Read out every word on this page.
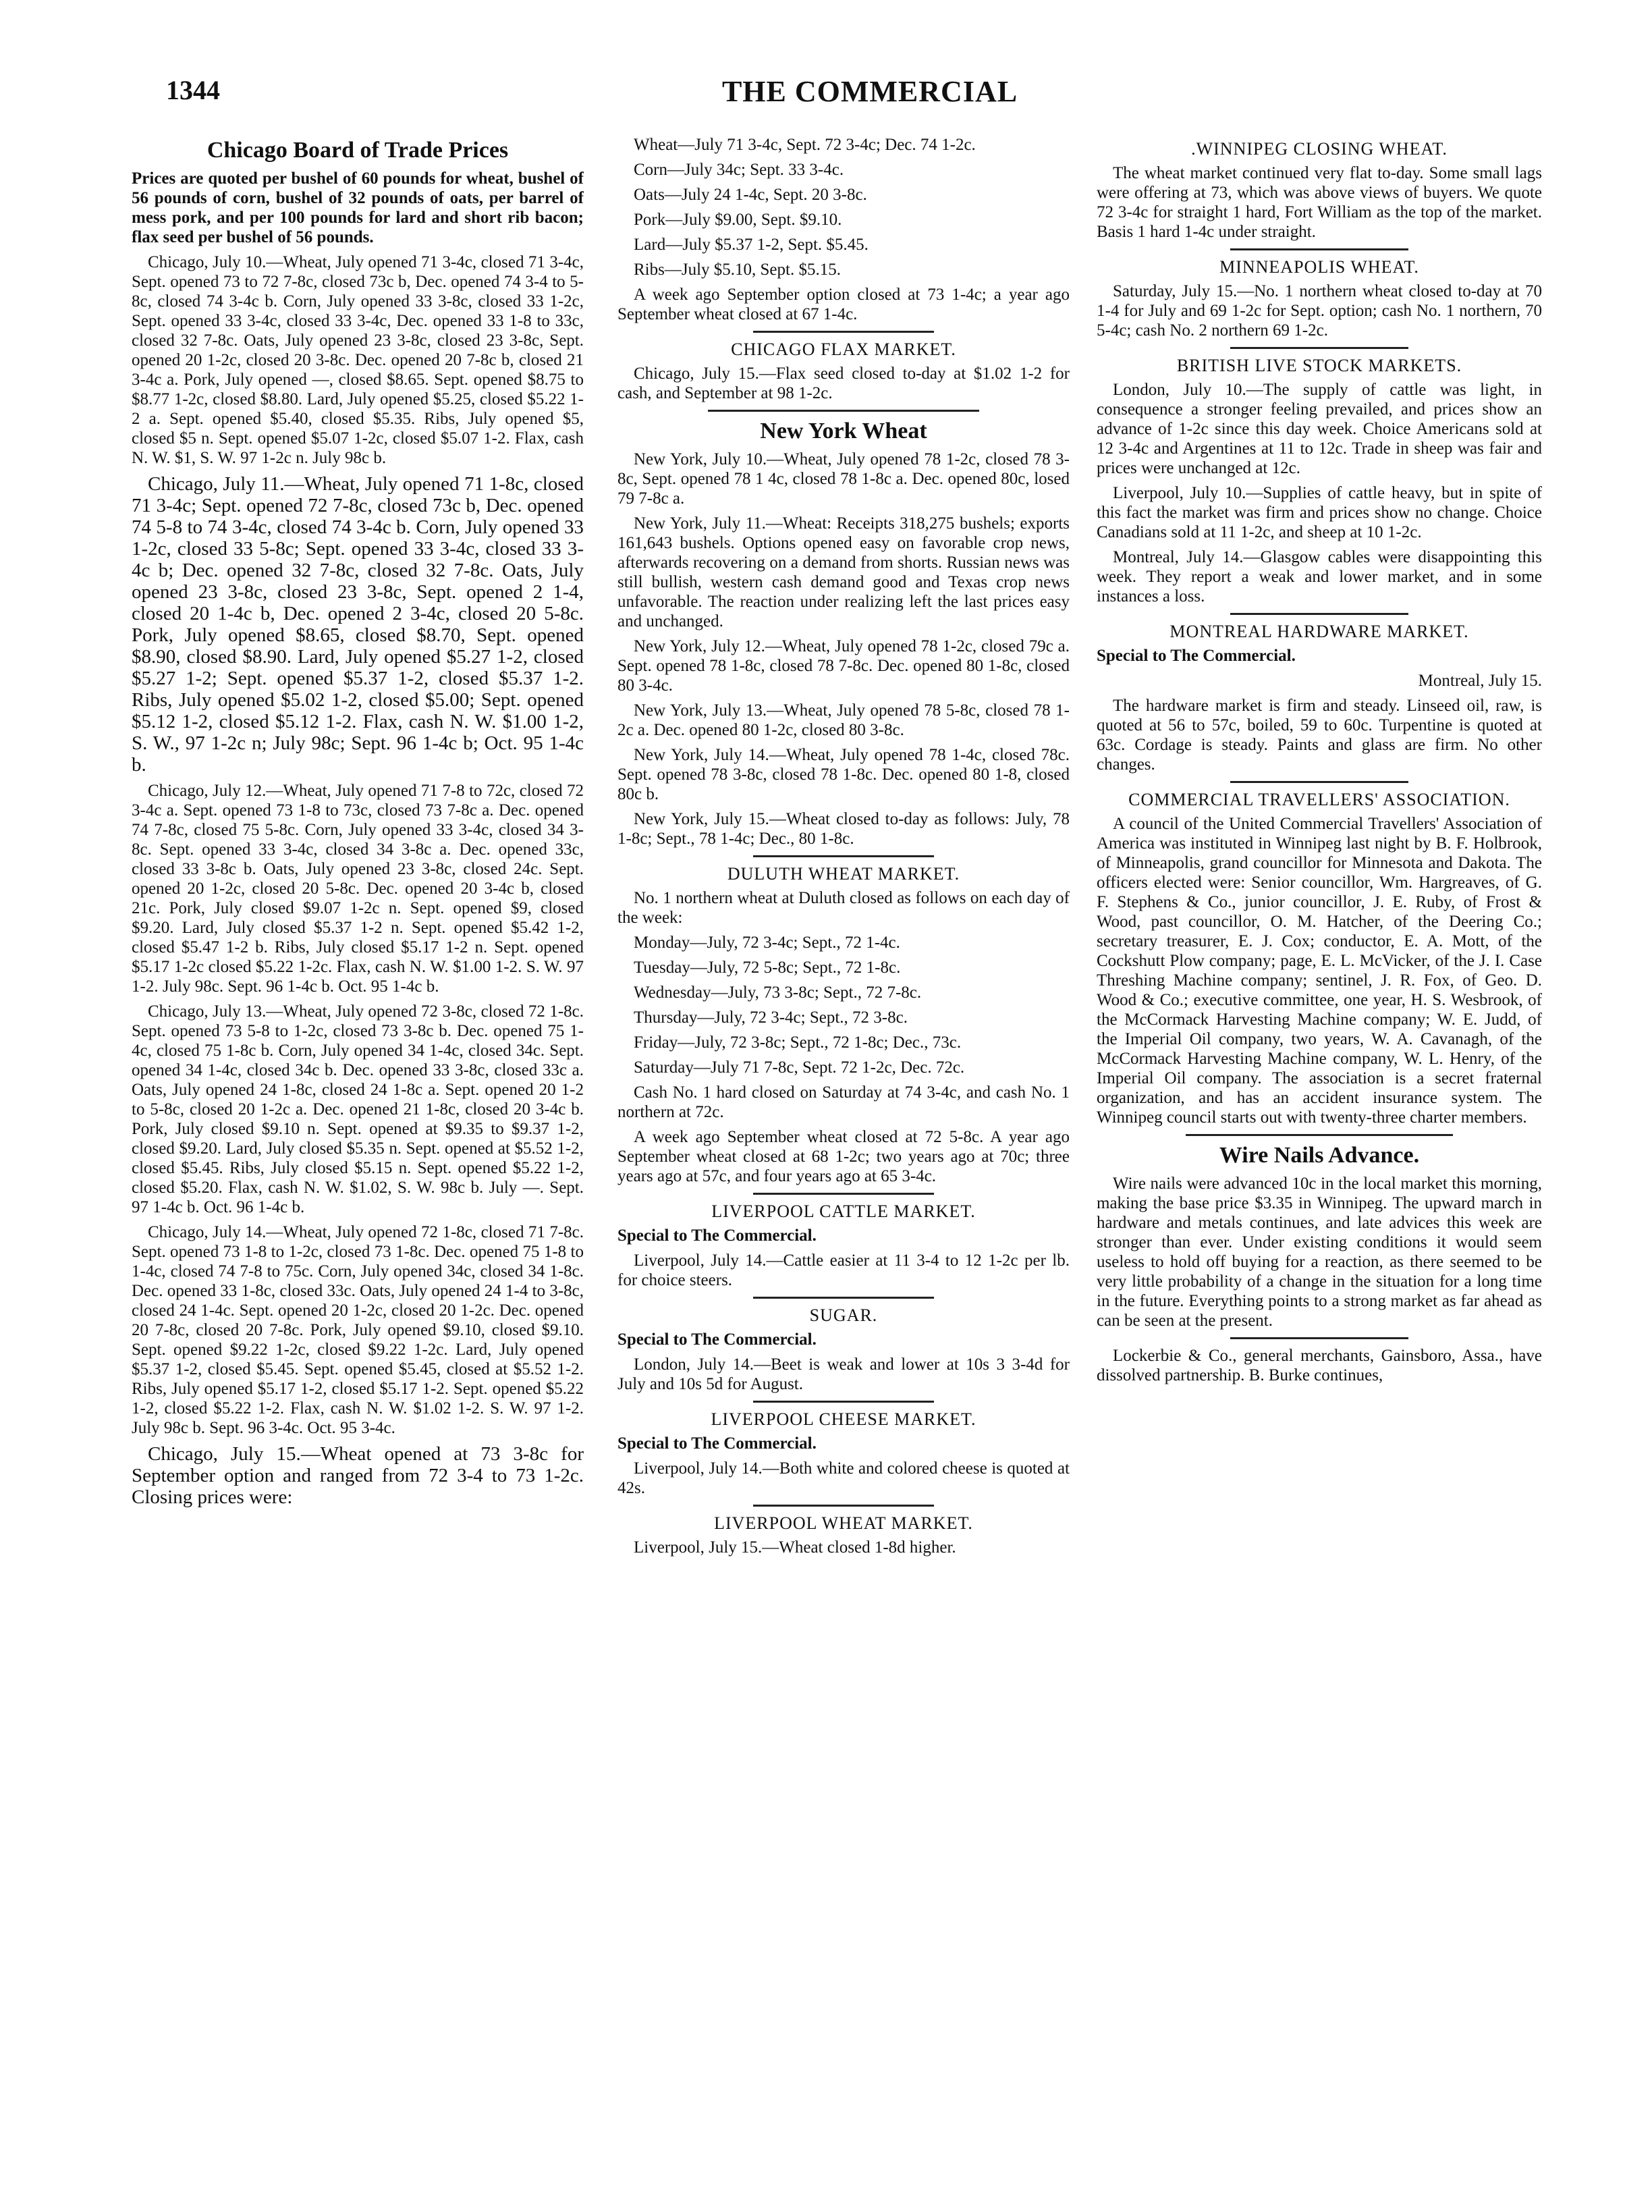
1344	THE COMMERCIAL
Chicago Board of Trade Prices

Prices are quoted per bushel of 60 pounds for wheat, bushel of 56 pounds of corn, bushel of 32 pounds of oats, per barrel of mess pork, and per 100 pounds for lard and short rib bacon; flax seed per bushel of 56 pounds.

Chicago, July 10.—Wheat, July opened 71 3-4c, closed 71 3-4c, Sept. opened 73 to 72 7-8c, closed 73c b, Dec. opened 74 3-4 to 5-8c, closed 74 3-4c b. Corn, July opened 33 3-8c, closed 33 1-2c, Sept. opened 33 3-4c, closed 33 3-4c, Dec. opened 33 1-8 to 33c, closed 32 7-8c. Oats, July opened 23 3-8c, closed 23 3-8c, Sept. opened 20 1-2c, closed 20 3-8c. Dec. opened 20 7-8c b, closed 21 3-4c a. Pork, July opened —, closed $8.65. Sept. opened $8.75 to $8.77 1-2c, closed $8.80. Lard, July opened $5.25, closed $5.22 1-2 a. Sept. opened $5.40, closed $5.35. Ribs, July opened $5, closed $5 n. Sept. opened $5.07 1-2c, closed $5.07 1-2. Flax, cash N. W. $1, S. W. 97 1-2c n. July 98c b.

Chicago, July 11.—Wheat, July opened 71 1-8c, closed 71 3-4c; Sept. opened 72 7-8c, closed 73c b, Dec. opened 74 5-8 to 74 3-4c, closed 74 3-4c b. Corn, July opened 33 1-2c, closed 33 5-8c; Sept. opened 33 3-4c, closed 33 3-4c b; Dec. opened 32 7-8c, closed 32 7-8c. Oats, July opened 23 3-8c, closed 23 3-8c, Sept. opened 2 1-4, closed 20 1-4c b, Dec. opened 2 3-4c, closed 20 5-8c. Pork, July opened $8.65, closed $8.70, Sept. opened $8.90, closed $8.90. Lard, July opened $5.27 1-2, closed $5.27 1-2; Sept. opened $5.37 1-2, closed $5.37 1-2. Ribs, July opened $5.02 1-2, closed $5.00; Sept. opened $5.12 1-2, closed $5.12 1-2. Flax, cash N. W. $1.00 1-2, S. W., 97 1-2c n; July 98c; Sept. 96 1-4c b; Oct. 95 1-4c b.

Chicago, July 12.—Wheat, July opened 71 7-8 to 72c, closed 72 3-4c a. Sept. opened 73 1-8 to 73c, closed 73 7-8c a. Dec. opened 74 7-8c, closed 75 5-8c. Corn, July opened 33 3-4c, closed 34 3-8c. Sept. opened 33 3-4c, closed 34 3-8c a. Dec. opened 33c, closed 33 3-8c b. Oats, July opened 23 3-8c, closed 24c. Sept. opened 20 1-2c, closed 20 5-8c. Dec. opened 20 3-4c b, closed 21c. Pork, July closed $9.07 1-2c n. Sept. opened $9, closed $9.20. Lard, July closed $5.37 1-2 n. Sept. opened $5.42 1-2, closed $5.47 1-2 b. Ribs, July closed $5.17 1-2 n. Sept. opened $5.17 1-2c closed $5.22 1-2c. Flax, cash N. W. $1.00 1-2. S. W. 97 1-2. July 98c. Sept. 96 1-4c b. Oct. 95 1-4c b.

Chicago, July 13.—Wheat, July opened 72 3-8c, closed 72 1-8c. Sept. opened 73 5-8 to 1-2c, closed 73 3-8c b. Dec. opened 75 1-4c, closed 75 1-8c b. Corn, July opened 34 1-4c, closed 34c. Sept. opened 34 1-4c, closed 34c b. Dec. opened 33 3-8c, closed 33c a. Oats, July opened 24 1-8c, closed 24 1-8c a. Sept. opened 20 1-2 to 5-8c, closed 20 1-2c a. Dec. opened 21 1-8c, closed 20 3-4c b. Pork, July closed $9.10 n. Sept. opened at $9.35 to $9.37 1-2, closed $9.20. Lard, July closed $5.35 n. Sept. opened at $5.52 1-2, closed $5.45. Ribs, July closed $5.15 n. Sept. opened $5.22 1-2, closed $5.20. Flax, cash N. W. $1.02, S. W. 98c b. July —. Sept. 97 1-4c b. Oct. 96 1-4c b.

Chicago, July 14.—Wheat, July opened 72 1-8c, closed 71 7-8c. Sept. opened 73 1-8 to 1-2c, closed 73 1-8c. Dec. opened 75 1-8 to 1-4c, closed 74 7-8 to 75c. Corn, July opened 34c, closed 34 1-8c. Dec. opened 33 1-8c, closed 33c. Oats, July opened 24 1-4 to 3-8c, closed 24 1-4c. Sept. opened 20 1-2c, closed 20 1-2c. Dec. opened 20 7-8c, closed 20 7-8c. Pork, July opened $9.10, closed $9.10. Sept. opened $9.22 1-2c, closed $9.22 1-2c. Lard, July opened $5.37 1-2, closed $5.45. Sept. opened $5.45, closed at $5.52 1-2. Ribs, July opened $5.17 1-2, closed $5.17 1-2. Sept. opened $5.22 1-2, closed $5.22 1-2. Flax, cash N. W. $1.02 1-2. S. W. 97 1-2. July 98c b. Sept. 96 3-4c. Oct. 95 3-4c.

Chicago, July 15.—Wheat opened at 73 3-8c for September option and ranged from 72 3-4 to 73 1-2c. Closing prices were:

Wheat—July 71 3-4c, Sept. 72 3-4c; Dec. 74 1-2c.

Corn—July 34c; Sept. 33 3-4c.

Oats—July 24 1-4c, Sept. 20 3-8c.

Pork—July $9.00, Sept. $9.10.

Lard—July $5.37 1-2, Sept. $5.45.

Ribs—July $5.10, Sept. $5.15.

A week ago September option closed at 73 1-4c; a year ago September wheat closed at 67 1-4c.

CHICAGO FLAX MARKET.

Chicago, July 15.—Flax seed closed to-day at $1.02 1-2 for cash, and September at 98 1-2c.

New York Wheat

New York, July 10.—Wheat, July opened 78 1-2c, closed 78 3-8c, Sept. opened 78 1 4c, closed 78 1-8c a. Dec. opened 80c, losed 79 7-8c a.

New York, July 11.—Wheat: Receipts 318,275 bushels; exports 161,643 bushels. Options opened easy on favorable crop news, afterwards recovering on a demand from shorts. Russian news was still bullish, western cash demand good and Texas crop news unfavorable. The reaction under realizing left the last prices easy and unchanged.

New York, July 12.—Wheat, July opened 78 1-2c, closed 79c a. Sept. opened 78 1-8c, closed 78 7-8c. Dec. opened 80 1-8c, closed 80 3-4c.

New York, July 13.—Wheat, July opened 78 5-8c, closed 78 1-2c a. Dec. opened 80 1-2c, closed 80 3-8c.

New York, July 14.—Wheat, July opened 78 1-4c, closed 78c. Sept. opened 78 3-8c, closed 78 1-8c. Dec. opened 80 1-8, closed 80c b.

New York, July 15.—Wheat closed to-day as follows: July, 78 1-8c; Sept., 78 1-4c; Dec., 80 1-8c.

DULUTH WHEAT MARKET.

No. 1 northern wheat at Duluth closed as follows on each day of the week:

Monday—July, 72 3-4c; Sept., 72 1-4c.

Tuesday—July, 72 5-8c; Sept., 72 1-8c.

Wednesday—July, 73 3-8c; Sept., 72 7-8c.

Thursday—July, 72 3-4c; Sept., 72 3-8c.

Friday—July, 72 3-8c; Sept., 72 1-8c; Dec., 73c.

Saturday—July 71 7-8c, Sept. 72 1-2c, Dec. 72c.

Cash No. 1 hard closed on Saturday at 74 3-4c, and cash No. 1 northern at 72c.

A week ago September wheat closed at 72 5-8c. A year ago September wheat closed at 68 1-2c; two years ago at 70c; three years ago at 57c, and four years ago at 65 3-4c.

LIVERPOOL CATTLE MARKET.

Special to The Commercial.

Liverpool, July 14.—Cattle easier at 11 3-4 to 12 1-2c per lb. for choice steers.

SUGAR.

Special to The Commercial.

London, July 14.—Beet is weak and lower at 10s 3 3-4d for July and 10s 5d for August.

LIVERPOOL CHEESE MARKET.

Special to The Commercial.

Liverpool, July 14.—Both white and colored cheese is quoted at 42s.

LIVERPOOL WHEAT MARKET.

Liverpool, July 15.—Wheat closed 1-8d higher.

.WINNIPEG CLOSING WHEAT.

The wheat market continued very flat to-day. Some small lags were offering at 73, which was above views of buyers. We quote 72 3-4c for straight 1 hard, Fort William as the top of the market. Basis 1 hard 1-4c under straight.

MINNEAPOLIS WHEAT.

Saturday, July 15.—No. 1 northern wheat closed to-day at 70 1-4 for July and 69 1-2c for Sept. option; cash No. 1 northern, 70 5-4c; cash No. 2 northern 69 1-2c.

BRITISH LIVE STOCK MARKETS.

London, July 10.—The supply of cattle was light, in consequence a stronger feeling prevailed, and prices show an advance of 1-2c since this day week. Choice Americans sold at 12 3-4c and Argentines at 11 to 12c. Trade in sheep was fair and prices were unchanged at 12c.

Liverpool, July 10.—Supplies of cattle heavy, but in spite of this fact the market was firm and prices show no change. Choice Canadians sold at 11 1-2c, and sheep at 10 1-2c.

Montreal, July 14.—Glasgow cables were disappointing this week. They report a weak and lower market, and in some instances a loss.

MONTREAL HARDWARE MARKET.

Special to The Commercial.

Montreal, July 15.

The hardware market is firm and steady. Linseed oil, raw, is quoted at 56 to 57c, boiled, 59 to 60c. Turpentine is quoted at 63c. Cordage is steady. Paints and glass are firm. No other changes.

COMMERCIAL TRAVELLERS' ASSOCIATION.

A council of the United Commercial Travellers' Association of America was instituted in Winnipeg last night by B. F. Holbrook, of Minneapolis, grand councillor for Minnesota and Dakota. The officers elected were: Senior councillor, Wm. Hargreaves, of G. F. Stephens & Co., junior councillor, J. E. Ruby, of Frost & Wood, past councillor, O. M. Hatcher, of the Deering Co.; secretary treasurer, E. J. Cox; conductor, E. A. Mott, of the Cockshutt Plow company; page, E. L. McVicker, of the J. I. Case Threshing Machine company; sentinel, J. R. Fox, of Geo. D. Wood & Co.; executive committee, one year, H. S. Wesbrook, of the McCormack Harvesting Machine company; W. E. Judd, of the Imperial Oil company, two years, W. A. Cavanagh, of the McCormack Harvesting Machine company, W. L. Henry, of the Imperial Oil company. The association is a secret fraternal organization, and has an accident insurance system. The Winnipeg council starts out with twenty-three charter members.

Wire Nails Advance.

Wire nails were advanced 10c in the local market this morning, making the base price $3.35 in Winnipeg. The upward march in hardware and metals continues, and late advices this week are stronger than ever. Under existing conditions it would seem useless to hold off buying for a reaction, as there seemed to be very little probability of a change in the situation for a long time in the future. Everything points to a strong market as far ahead as can be seen at the present.

Lockerbie & Co., general merchants, Gainsboro, Assa., have dissolved partnership. B. Burke continues,
